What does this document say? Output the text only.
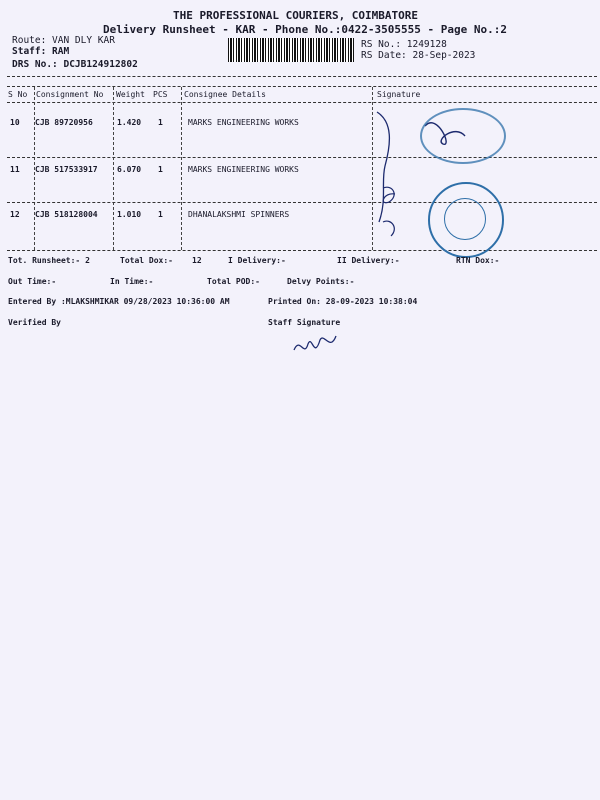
THE PROFESSIONAL COURIERS, COIMBATORE
Delivery Runsheet - KAR - Phone No.:0422-3505555 - Page No.:2
Route: VAN DLY KAR
Staff: RAM
DRS No.: DCJB124912802
RS No.: 1249128
RS Date: 28-Sep-2023
S No Consignment No Weight PCS Consignee Details	Signature
10 CJB 89720956	1.420 1	MARKS ENGINEERING WORKS
11 CJB 517533917 6.070 1	MARKS ENGINEERING WORKS
12 CJB 518128004 1.010 1	DHANALAKSHMI SPINNERS
Tot. Runsheet:- 2	Total Dox:- 12	I Delivery:-	II Delivery:-	RTN Dox:-
Out Time:-	In Time:-	Total POD:-	Delvy Points:-
Entered By :MLAKSHMIKAR 09/28/2023 10:36:00 AM	Printed On: 28-09-2023 10:38:04
Verified By	Staff Signature
